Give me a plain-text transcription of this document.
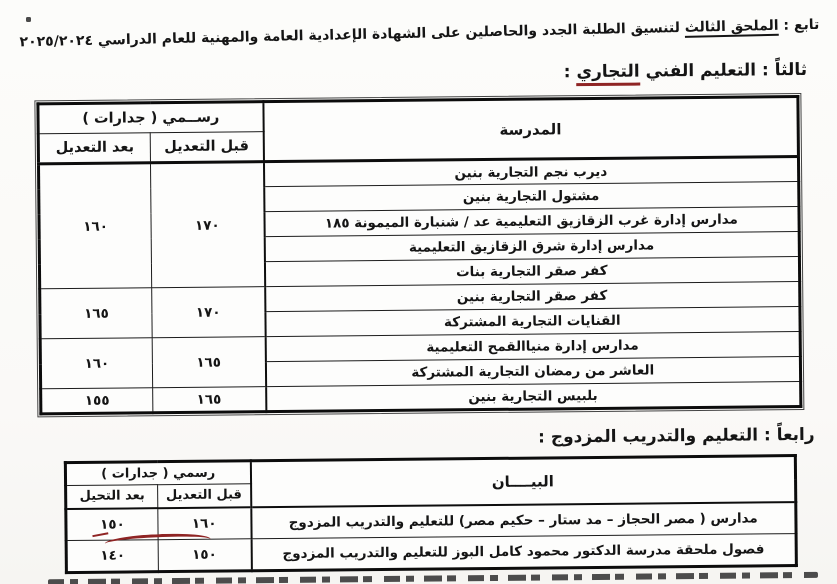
تابع : الملحق الثالث لتنسيق الطلبة الجدد والحاصلين على الشهادة الإعدادية العامة والمهنية للعام الدراسي ٢٠٢٥/٢٠٢٤
ثالثاً : التعليم الفني التجاري :
المدرسة	رســمي ( جدارات )	
	قبل التعديل	بعد التعديل
ديرب نجم التجارية بنين	١٧٠	١٦٠
مشتول التجارية بنين		
مدارس إدارة غرب الزقازيق التعليمية عد / شنبارة الميمونة ١٨٥		
مدارس إدارة شرق الزقازيق التعليمية		
كفر صقر التجارية بنات		
كفر صقر التجارية بنين	١٧٠	١٦٥
القنايات التجارية المشتركة		
مدارس إدارة منياالقمح التعليمية	١٦٥	١٦٠
العاشر من رمضان التجارية المشتركة		
بلبيس التجارية بنين	١٦٥	١٥٥
رابعاً : التعليم والتدريب المزدوج :
البيــــان	رسمي ( جدارات )	
	قبل التعديل	بعد التحيل
مدارس ( مصر الحجاز – مد ستار – حكيم مصر) للتعليم والتدريب المزدوج	١٦٠	١٥٠
فصول ملحقة مدرسة الدكتور محمود كامل البوز للتعليم والتدريب المزدوج	١٥٠	١٤٠
